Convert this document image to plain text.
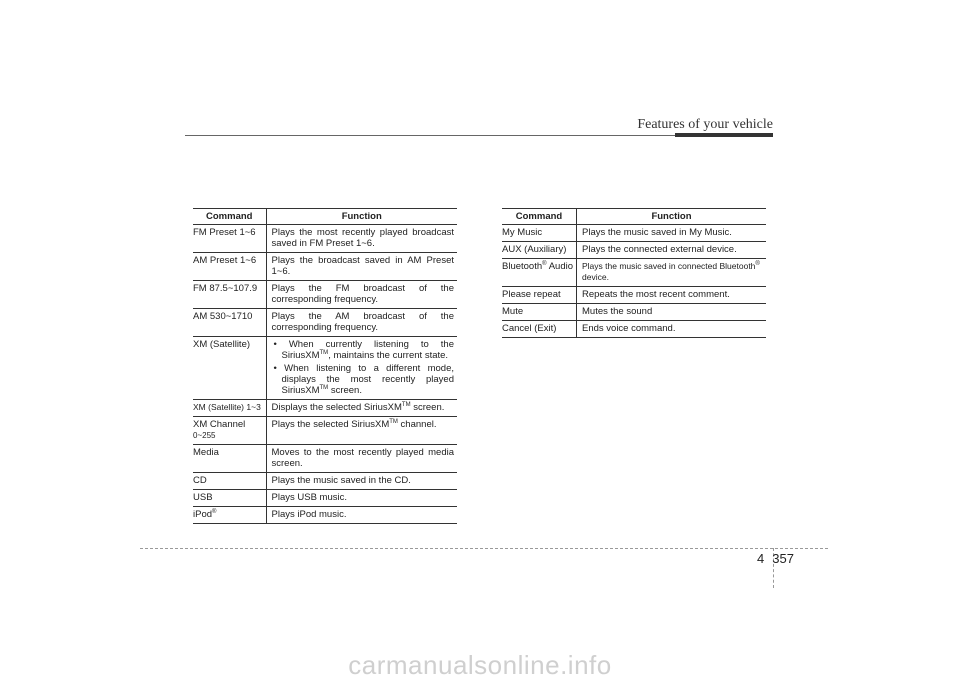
Features of your vehicle
Command	Function
FM Preset 1~6	Plays the most recently played broadcast saved in FM Preset 1~6.
AM Preset 1~6	Plays the broadcast saved in AM Preset 1~6.
FM 87.5~107.9	Plays the FM broadcast of the corresponding frequency.
AM 530~1710	Plays the AM broadcast of the corresponding frequency.
XM (Satellite)	• When currently listening to the SiriusXM™, maintains the current state.
• When listening to a different mode, displays the most recently played SiriusXM™ screen.

XM (Satellite) 1~3	Displays the selected SiriusXM™ screen.
XM Channel
0~255	Plays the selected SiriusXM™ channel.
Media	Moves to the most recently played media screen.
CD	Plays the music saved in the CD.
USB	Plays USB music.
iPod®	Plays iPod music.
Command	Function
My Music	Plays the music saved in My Music.
AUX (Auxiliary)	Plays the connected external device.
Bluetooth® Audio	Plays the music saved in connected Bluetooth®
device.
Please repeat	Repeats the most recent comment.
Mute	Mutes the sound
Cancel (Exit)	Ends voice command.
4 357
carmanualsonline.info
